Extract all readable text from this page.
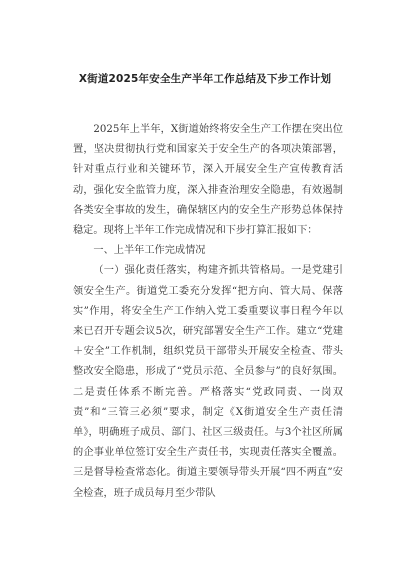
X街道2025年安全生产半年工作总结及下步工作计划

2025年上半年，X街道始终将安全生产工作摆在突出位置，坚决贯彻执行党和国家关于安全生产的各项决策部署，针对重点行业和关键环节，深入开展安全生产宣传教育活动，强化安全监管力度，深入排查治理安全隐患，有效遏制各类安全事故的发生，确保辖区内的安全生产形势总体保持稳定。现将上半年工作完成情况和下步打算汇报如下：

一、上半年工作完成情况

（一）强化责任落实，构建齐抓共管格局。一是党建引领安全生产。街道党工委充分发挥“把方向、管大局、保落实”作用，将安全生产工作纳入党工委重要议事日程今年以来已召开专题会议5次，研究部署安全生产工作。建立“党建＋安全”工作机制，组织党员干部带头开展安全检查、带头整改安全隐患，形成了“党员示范、全员参与”的良好氛围。二是责任体系不断完善。严格落实“党政同责、一岗双责”和“三管三必须”要求，制定《X街道安全生产责任清单》，明确班子成员、部门、社区三级责任。与3个社区所属的企事业单位签订安全生产责任书，实现责任落实全覆盖。三是督导检查常态化。街道主要领导带头开展“四不两直”安全检查，班子成员每月至少带队
